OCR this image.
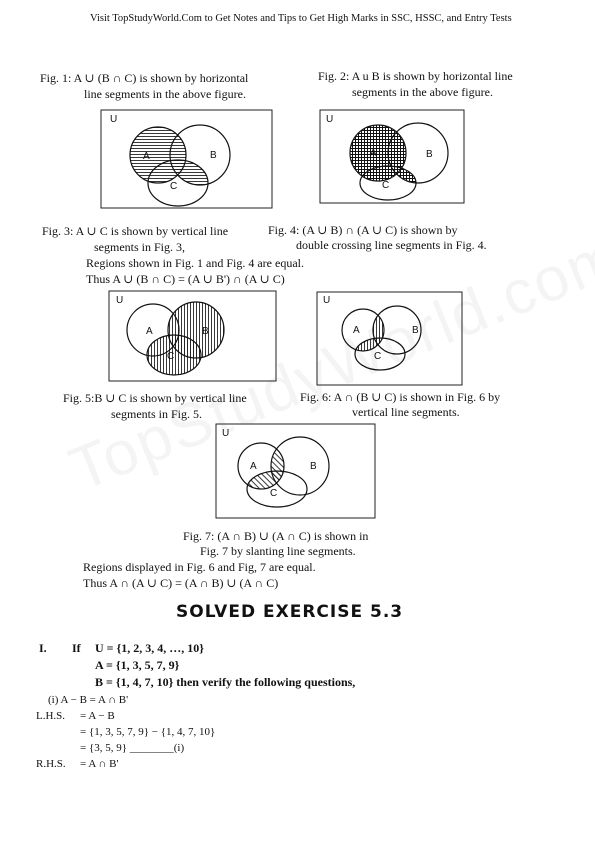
Visit TopStudyWorld.Com to Get Notes and Tips to Get High Marks in SSC, HSSC, and Entry Tests
Fig. 1: A ∪ (B ∩ C) is shown by horizontal
line segments in the above figure.
Fig. 2: A u B is shown by horizontal line
segments in the above figure.
U
A	B
C
U
A	B
C
U
A	B
C
U
A	B
C
U
A	B
C
Fig. 3: A ∪ C is shown by vertical line
segments in Fig. 3,
Fig. 4: (A ∪ B) ∩ (A ∪ C) is shown by
double crossing line segments in Fig. 4.
Regions shown in Fig. 1 and Fig. 4 are equal.
Thus A ∪ (B ∩ C) = (A ∪ B') ∩ (A ∪ C)
Fig. 5:B ∪ C is shown by vertical line
segments in Fig. 5.
Fig. 6: A ∩ (B ∪ C) is shown in Fig. 6 by
vertical line segments.
Fig. 7: (A ∩ B) ∪ (A ∩ C) is shown in
Fig. 7 by slanting line segments.
Regions displayed in Fig. 6 and Fig, 7 are equal.
Thus A ∩ (A ∪ C) = (A ∩ B) ∪ (A ∩ C)
SOLVED EXERCISE 5.3
I. If U = {1, 2, 3, 4, …, 10}
A = {1, 3, 5, 7, 9}
B = {1, 4, 7, 10} then verify the following questions,
(i) A − B = A ∩ B'
L.H.S. = A − B
= {1, 3, 5, 7, 9} − {1, 4, 7, 10}
= {3, 5, 9} ________(i)
R.H.S. = A ∩ B'
